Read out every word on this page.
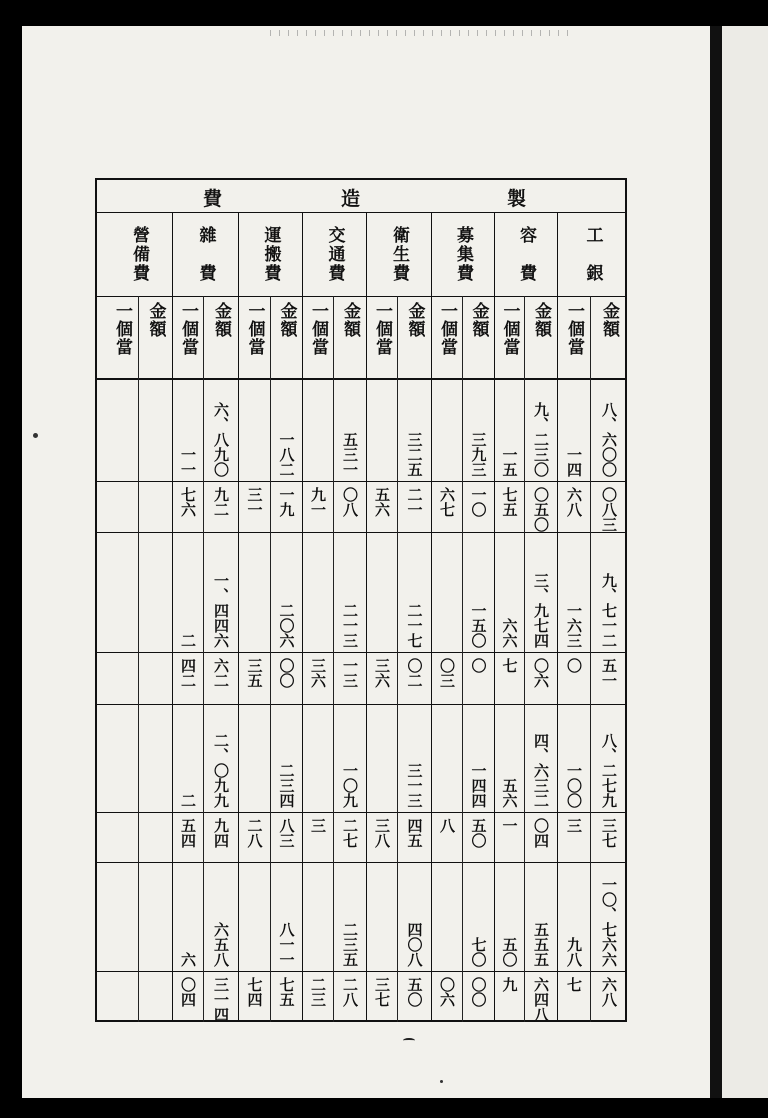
製
造
費
工　銀
金額
一個當
容　費
金額
一個當
募集費
金額
一個當
衛生費
金額
一個當
交通費
金額
一個當
運搬費
金額
一個當
雜　費
金額
一個當
營備費
金額
一個當
八、六〇〇
〇八三
一四
六八
九、二三〇
〇五〇
一五
七五
三九三
一〇
六七
三二五
二一
五六
五三一
〇八
九一
一八二
一九
三一
六、八九〇
九二
一一
七六
九、七一二
五一
一六三
〇
三、九七四
〇六
六六
七
一五〇
〇
〇三
二一七
〇二
三六
二一三
一三
三六
二〇六
〇〇
三五
一、四四六
六二
二
四二
八、二七九
三七
一〇〇
三
四、六三二
〇四
五六
一
一四四
五〇
八
三一三
四五
三八
一〇九
二七
三
二三四
八三
二八
二、〇九九
九四
二
五四
一〇、七六六
六八
九八
七
五五五
六四八
五〇
九
七〇
〇〇
〇六
四〇八
五〇
三七
二三五
二八
二三
八一一
七五
七四
六五八
三一四
六
〇四
